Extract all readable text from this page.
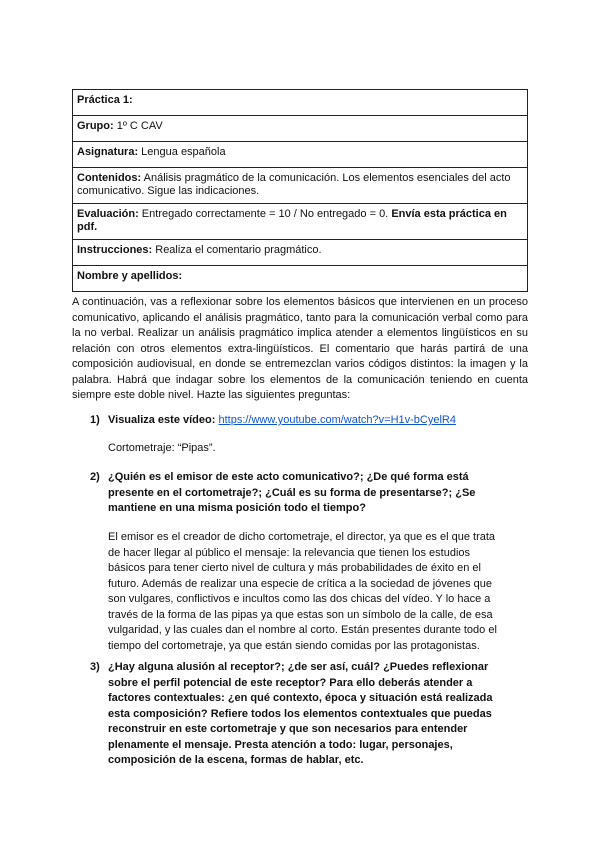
Práctica 1:
Grupo: 1º C CAV
Asignatura: Lengua española
Contenidos: Análisis pragmático de la comunicación. Los elementos esenciales del acto comunicativo. Sigue las indicaciones.
Evaluación: Entregado correctamente = 10 / No entregado = 0. Envía esta práctica en pdf.
Instrucciones: Realiza el comentario pragmático.
Nombre y apellidos:

A continuación, vas a reflexionar sobre los elementos básicos que intervienen en un proceso comunicativo, aplicando el análisis pragmático, tanto para la comunicación verbal como para la no verbal. Realizar un análisis pragmático implica atender a elementos lingüísticos en su relación con otros elementos extra-lingüísticos. El comentario que harás partirá de una composición audiovisual, en donde se entremezclan varios códigos distintos: la imagen y la palabra. Habrá que indagar sobre los elementos de la comunicación teniendo en cuenta siempre este doble nivel. Hazte las siguientes preguntas:

1) Visualiza este vídeo: https://www.youtube.com/watch?v=H1v-bCyelR4

Cortometraje: “Pipas”.

2) ¿Quién es el emisor de este acto comunicativo?; ¿De qué forma está presente en el cortometraje?; ¿Cuál es su forma de presentarse?; ¿Se mantiene en una misma posición todo el tiempo?

El emisor es el creador de dicho cortometraje, el director, ya que es el que trata de hacer llegar al público el mensaje: la relevancia que tienen los estudios básicos para tener cierto nivel de cultura y más probabilidades de éxito en el futuro. Además de realizar una especie de crítica a la sociedad de jóvenes que son vulgares, conflictivos e incultos como las dos chicas del vídeo. Y lo hace a través de la forma de las pipas ya que estas son un símbolo de la calle, de esa vulgaridad, y las cuales dan el nombre al corto. Están presentes durante todo el tiempo del cortometraje, ya que están siendo comidas por las protagonistas.

3) ¿Hay alguna alusión al receptor?; ¿de ser así, cuál? ¿Puedes reflexionar sobre el perfil potencial de este receptor? Para ello deberás atender a factores contextuales: ¿en qué contexto, época y situación está realizada esta composición? Refiere todos los elementos contextuales que puedas reconstruir en este cortometraje y que son necesarios para entender plenamente el mensaje. Presta atención a todo: lugar, personajes, composición de la escena, formas de hablar, etc.
